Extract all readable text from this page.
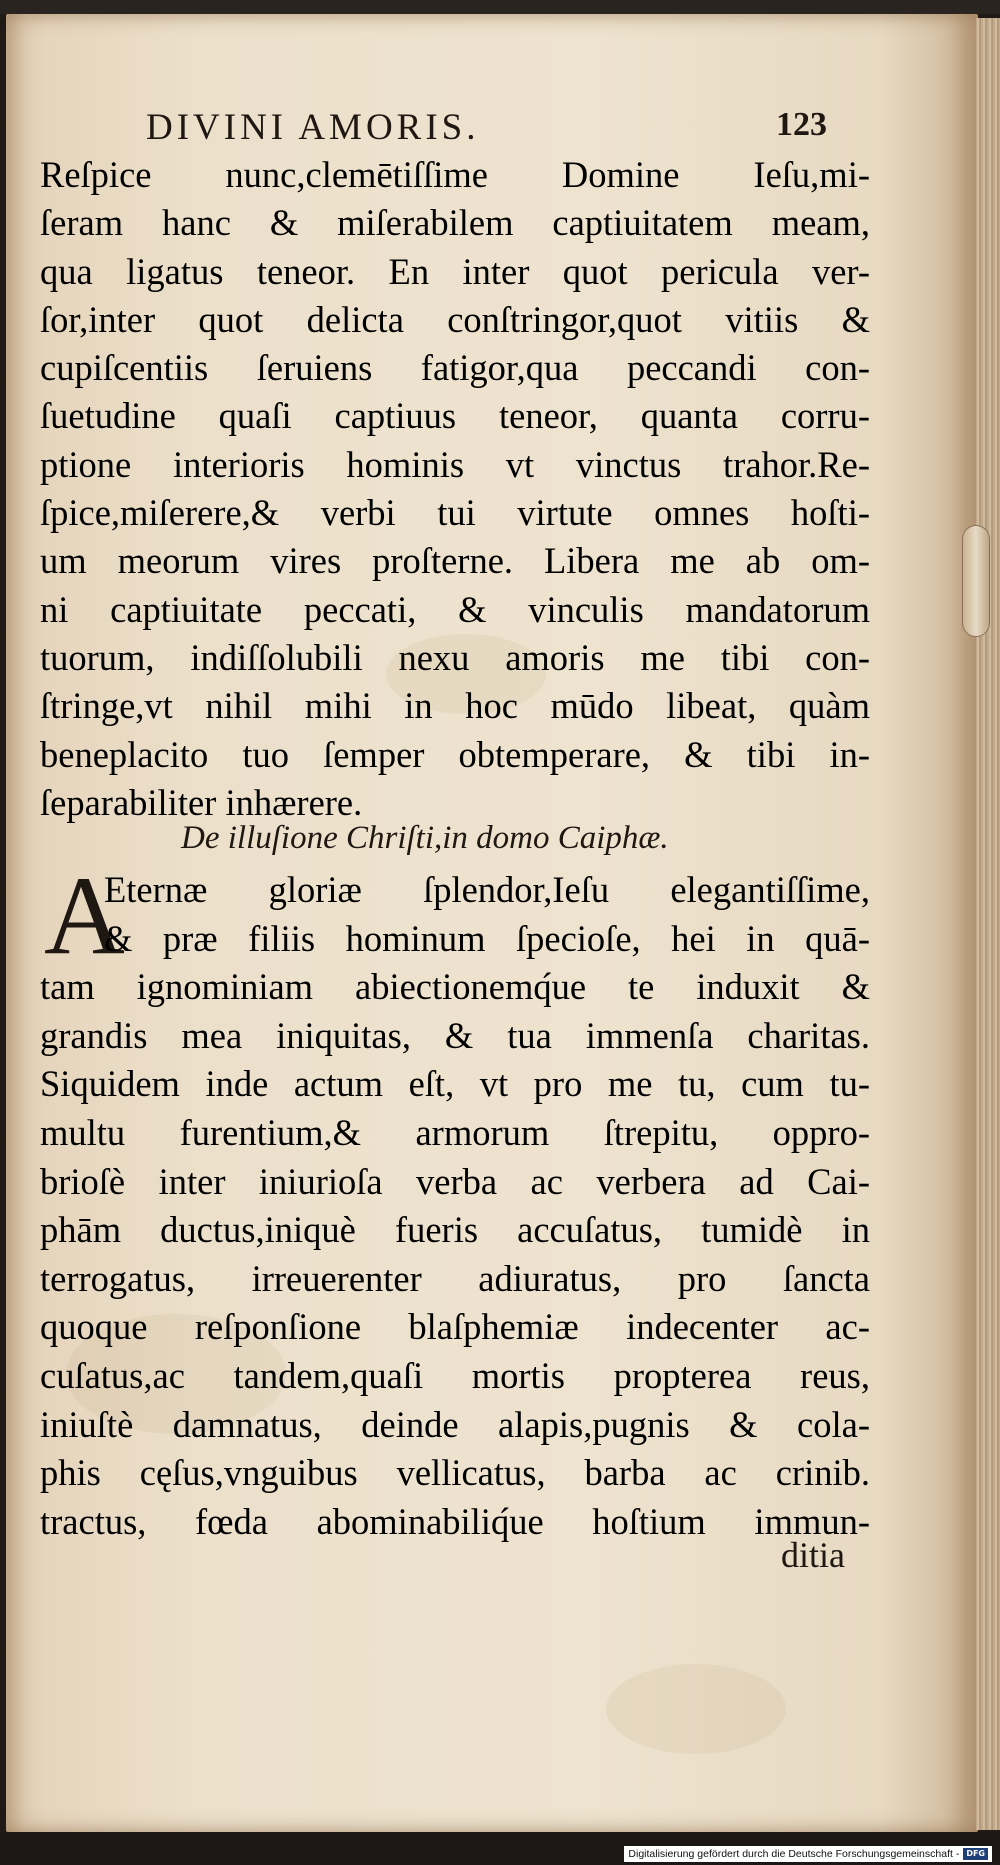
DIVINI AMORIS.	123
Reſpice nunc,clemētiſſime Domine Ieſu,mi-
ſeram hanc & miſerabilem captiuitatem meam,
qua ligatus teneor. En inter quot pericula ver-
ſor,inter quot delicta conſtringor,quot vitiis &
cupiſcentiis ſeruiens fatigor,qua peccandi con-
ſuetudine quaſi captiuus teneor, quanta corru-
ptione interioris hominis vt vinctus trahor.Re-
ſpice,miſerere,& verbi tui virtute omnes hoſti-
um meorum vires proſterne. Libera me ab om-
ni captiuitate peccati, & vinculis mandatorum
tuorum, indiſſolubili nexu amoris me tibi con-
ſtringe,vt nihil mihi in hoc mūdo libeat, quàm
beneplacito tuo ſemper obtemperare, & tibi in-
ſeparabiliter inhærere.
De illuſione Chriſti,in domo Caiphæ.
A
Eternæ gloriæ ſplendor,Ieſu elegantiſſime,
& præ filiis hominum ſpecioſe, hei in quā-
tam ignominiam abiectionemq́ue te induxit &
grandis mea iniquitas, & tua immenſa charitas.
Siquidem inde actum eſt, vt pro me tu, cum tu-
multu furentium,& armorum ſtrepitu, oppro-
brioſè inter iniurioſa verba ac verbera ad Cai-
phām ductus,iniquè fueris accuſatus, tumidè in
terrogatus, irreuerenter adiuratus, pro ſancta
quoque reſponſione blaſphemiæ indecenter ac-
cuſatus,ac tandem,quaſi mortis propterea reus,
iniuſtè damnatus, deinde alapis,pugnis & cola-
phis cęſus,vnguibus vellicatus, barba ac crinib.
tractus, fœda abominabiliq́ue hoſtium immun-
ditia
Digitalisierung gefördert durch die Deutsche Forschungsgemeinschaft - DFG
